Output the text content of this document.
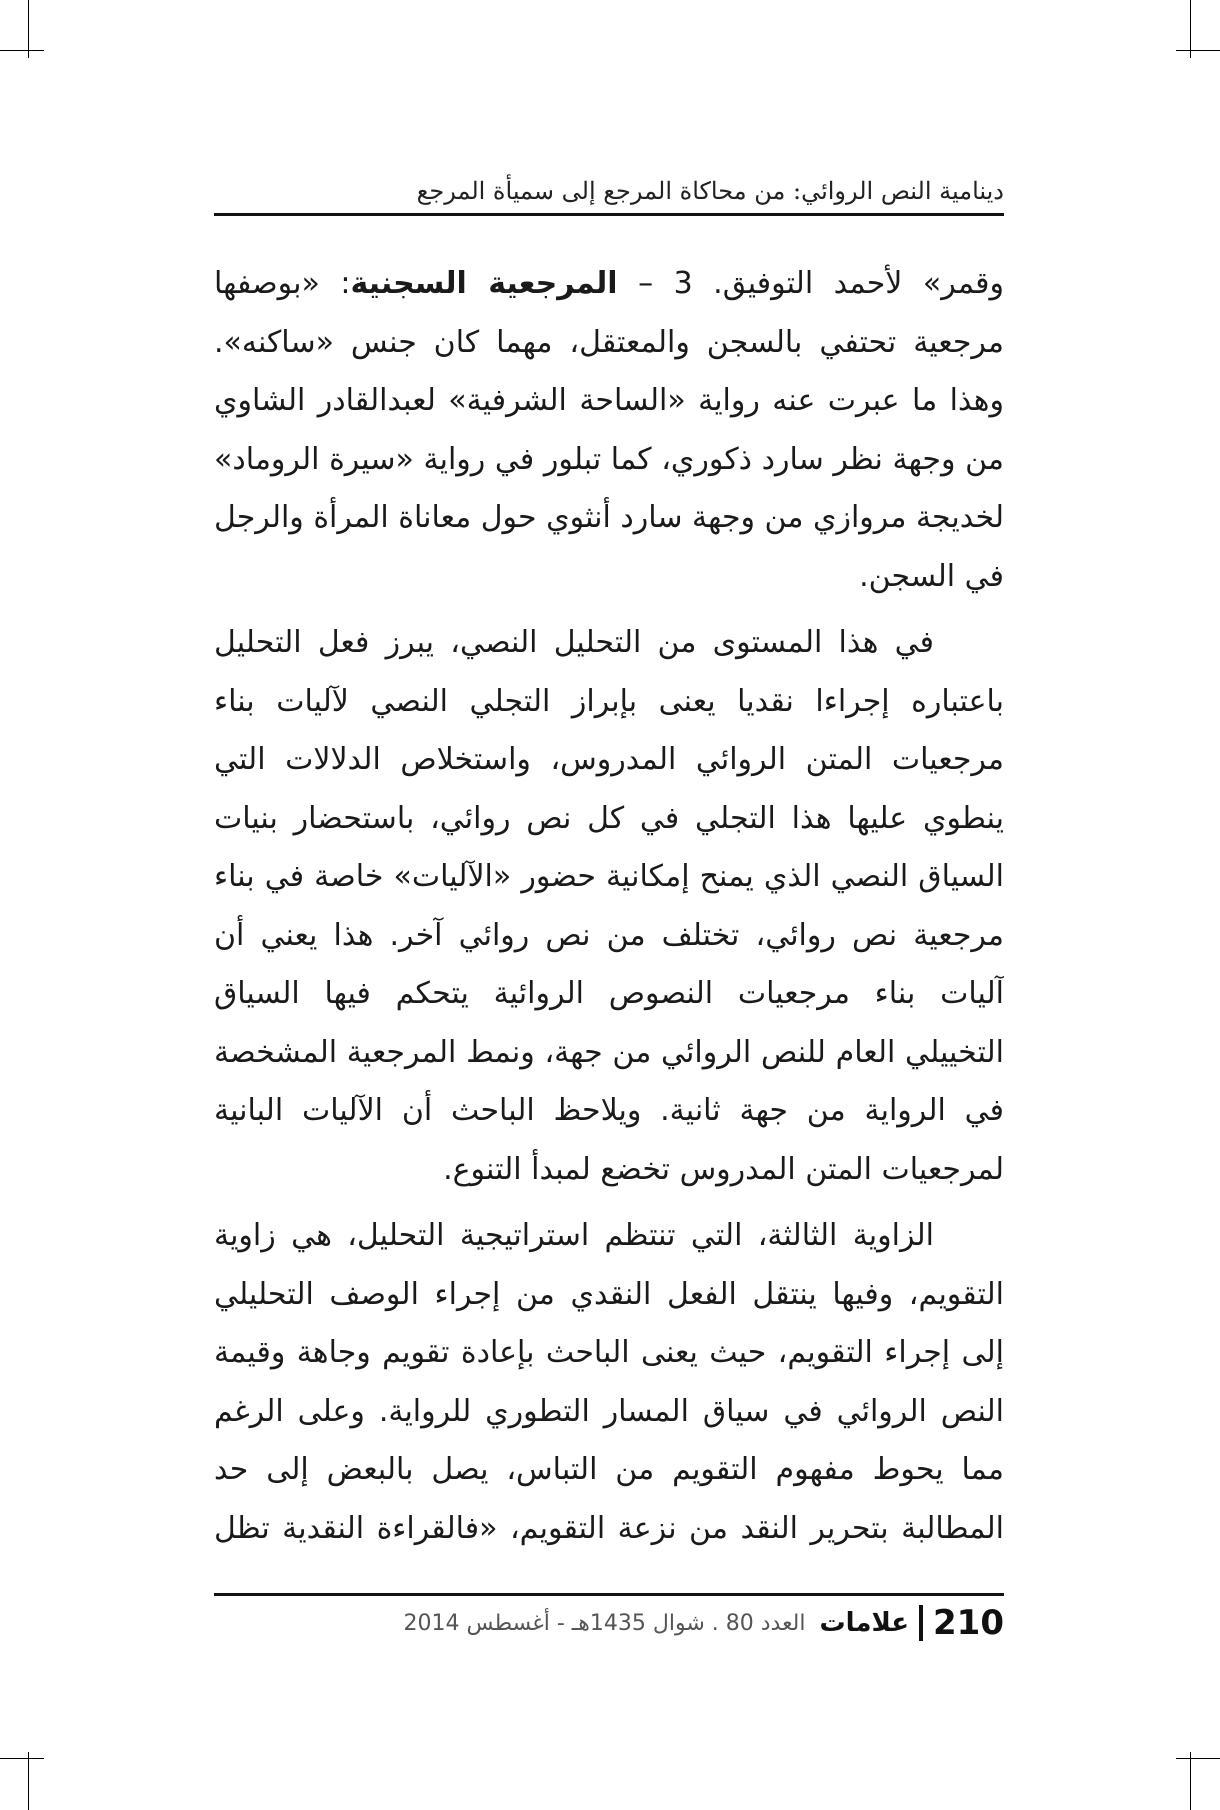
دينامية النص الروائي: من محاكاة المرجع إلى سميأة المرجع

وقمر» لأحمد التوفيق. 3 – المرجعية السجنية: «بوصفها مرجعية تحتفي بالسجن والمعتقل، مهما كان جنس «ساكنه». وهذا ما عبرت عنه رواية «الساحة الشرفية» لعبدالقادر الشاوي من وجهة نظر سارد ذكوري، كما تبلور في رواية «سيرة الروماد» لخديجة مروازي من وجهة سارد أنثوي حول معاناة المرأة والرجل في السجن.

في هذا المستوى من التحليل النصي، يبرز فعل التحليل باعتباره إجراءا نقديا يعنى بإبراز التجلي النصي لآليات بناء مرجعيات المتن الروائي المدروس، واستخلاص الدلالات التي ينطوي عليها هذا التجلي في كل نص روائي، باستحضار بنيات السياق النصي الذي يمنح إمكانية حضور «الآليات» خاصة في بناء مرجعية نص روائي، تختلف من نص روائي آخر. هذا يعني أن آليات بناء مرجعيات النصوص الروائية يتحكم فيها السياق التخييلي العام للنص الروائي من جهة، ونمط المرجعية المشخصة في الرواية من جهة ثانية. ويلاحظ الباحث أن الآليات البانية لمرجعيات المتن المدروس تخضع لمبدأ التنوع.

الزاوية الثالثة، التي تنتظم استراتيجية التحليل، هي زاوية التقويم، وفيها ينتقل الفعل النقدي من إجراء الوصف التحليلي إلى إجراء التقويم، حيث يعنى الباحث بإعادة تقويم وجاهة وقيمة النص الروائي في سياق المسار التطوري للرواية. وعلى الرغم مما يحوط مفهوم التقويم من التباس، يصل بالبعض إلى حد المطالبة بتحرير النقد من نزعة التقويم، «فالقراءة النقدية تظل

210
علامات
العدد 80 . شوال 1435هـ - أغسطس 2014
